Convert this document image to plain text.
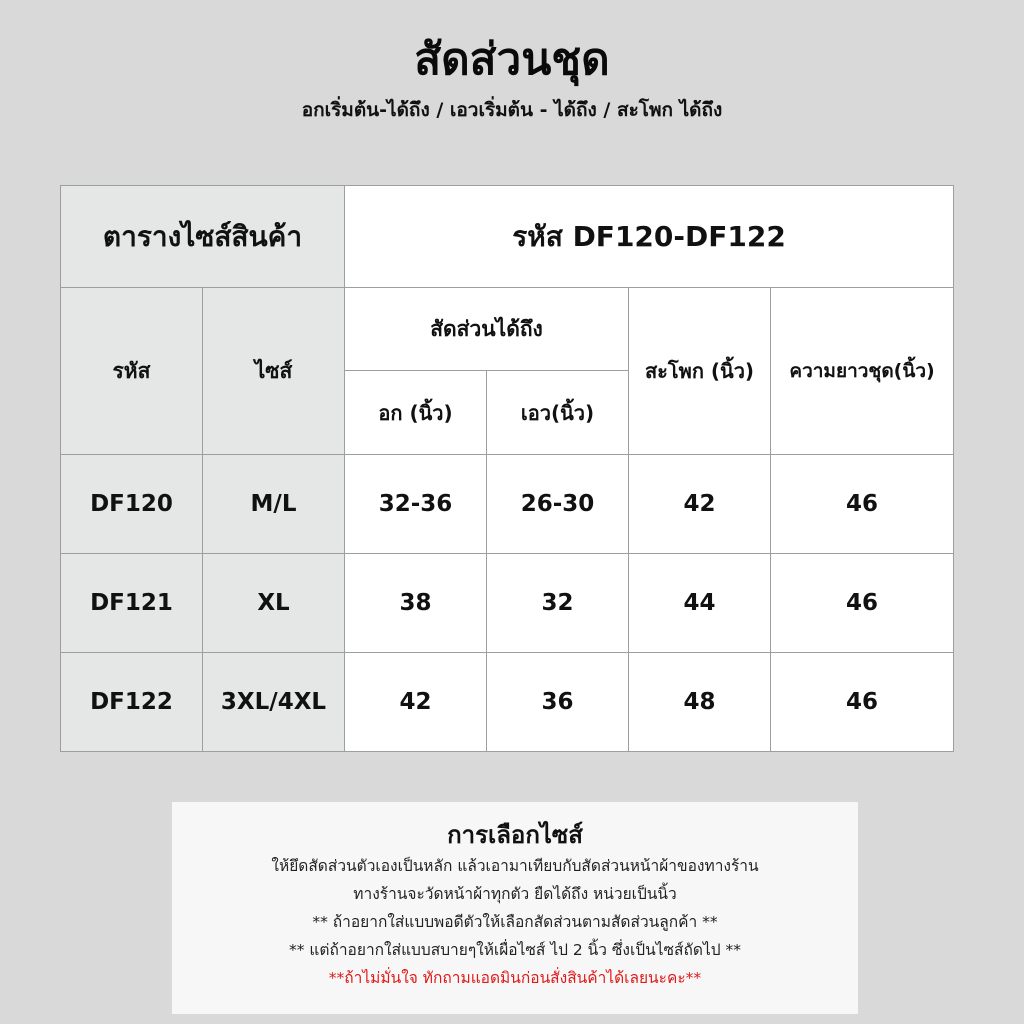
สัดส่วนชุด
อกเริ่มต้น-ได้ถึง / เอวเริ่มต้น - ได้ถึง / สะโพก ได้ถึง
ตารางไซส์สินค้า		รหัส DF120-DF122			
รหัส	ไซส์	สัดส่วนได้ถึง		สะโพก (นิ้ว)	ความยาวชุด(นิ้ว)
		อก (นิ้ว)	เอว(นิ้ว)		
DF120	M/L	32-36	26-30	42	46
DF121	XL	38	32	44	46
DF122	3XL/4XL	42	36	48	46
การเลือกไซส์
ให้ยึดสัดส่วนตัวเองเป็นหลัก แล้วเอามาเทียบกับสัดส่วนหน้าผ้าของทางร้าน
ทางร้านจะวัดหน้าผ้าทุกตัว ยืดได้ถึง หน่วยเป็นนิ้ว
** ถ้าอยากใส่แบบพอดีตัวให้เลือกสัดส่วนตามสัดส่วนลูกค้า **
** แต่ถ้าอยากใส่แบบสบายๆให้เผื่อไซส์ ไป 2 นิ้ว ซึ่งเป็นไซส์ถัดไป **
**ถ้าไม่มั่นใจ ทักถามแอดมินก่อนสั่งสินค้าได้เลยนะคะ**
